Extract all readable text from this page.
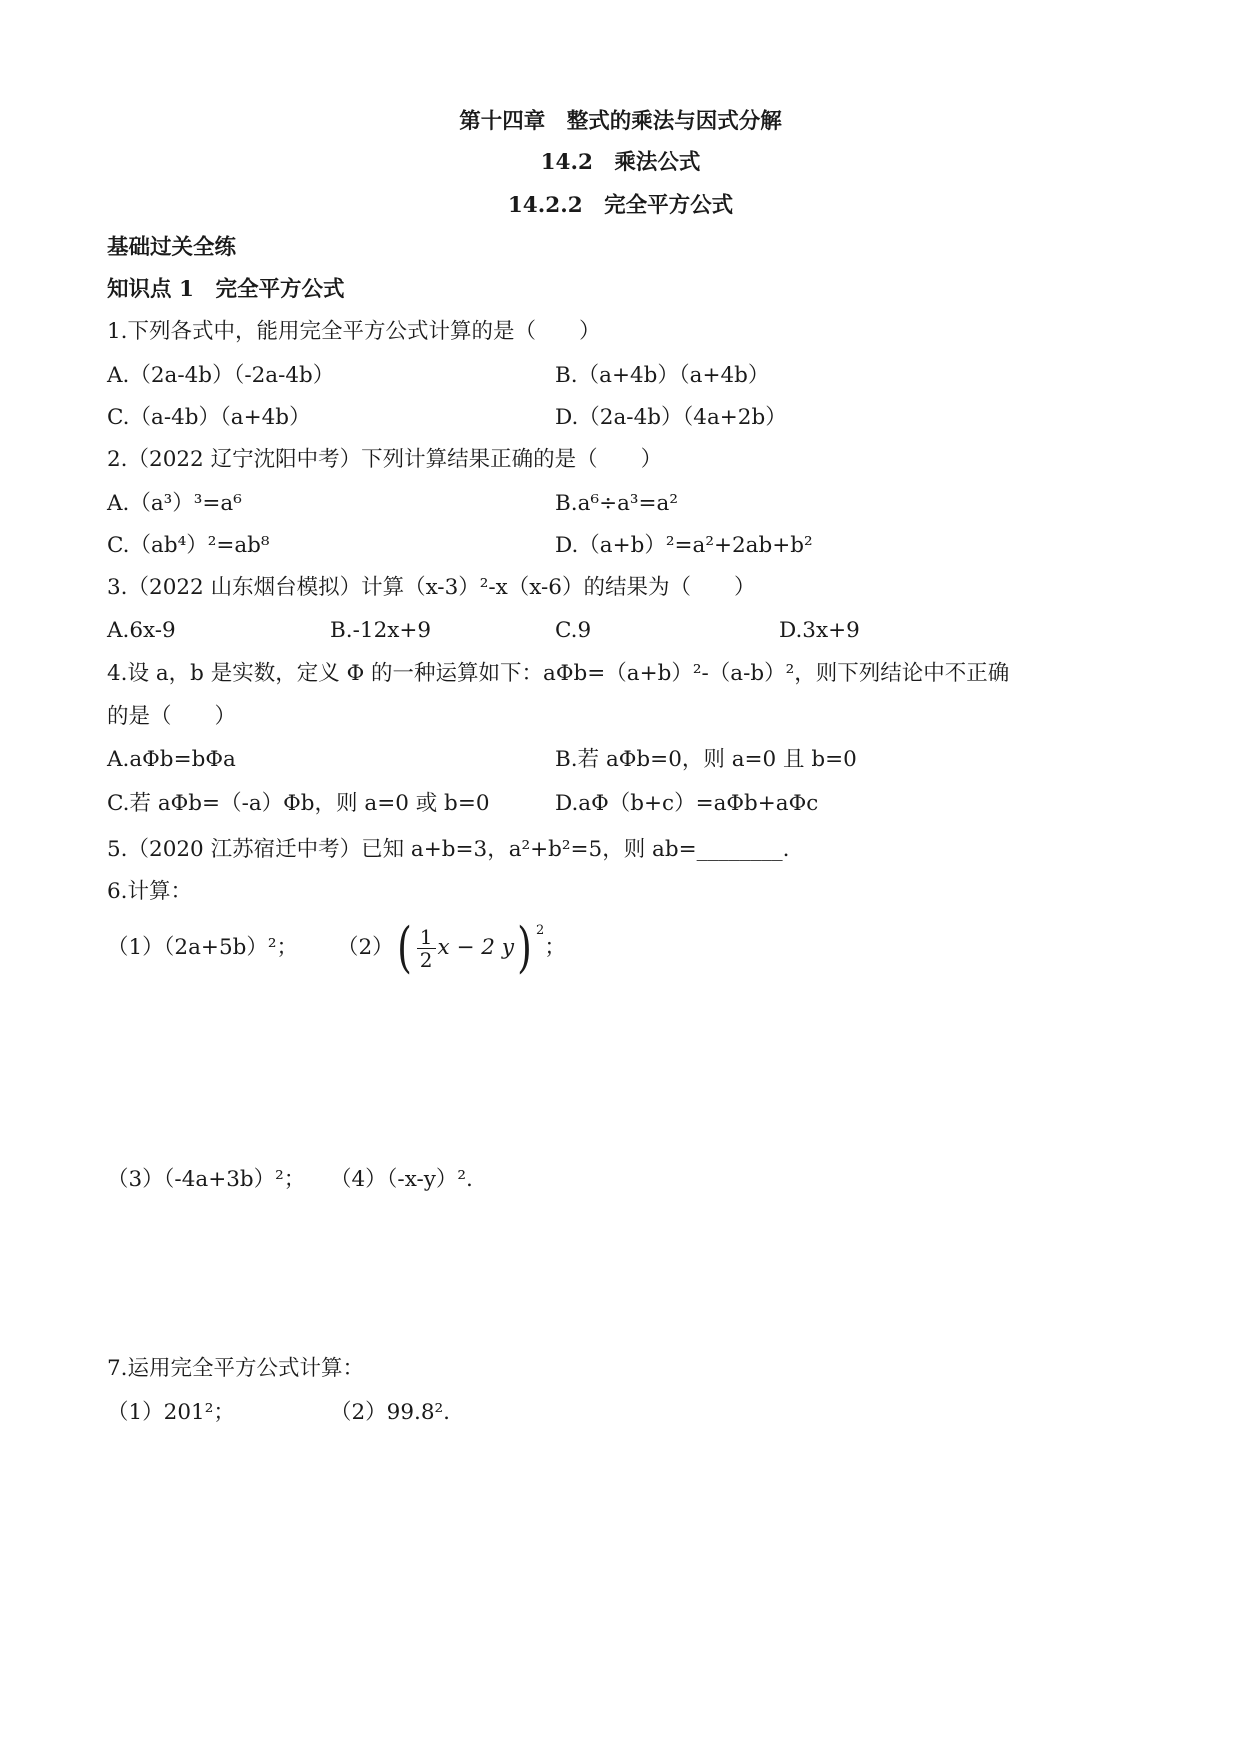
第十四章　整式的乘法与因式分解
14.2　乘法公式
14.2.2　完全平方公式
基础过关全练
知识点 1　完全平方公式
1.下列各式中，能用完全平方公式计算的是（　　）
A.（2a-4b）（-2a-4b）	B.（a+4b）（a+4b）
C.（a-4b）（a+4b）	D.（2a-4b）（4a+2b）
2.（2022 辽宁沈阳中考）下列计算结果正确的是（　　）
A.（a³）³=a⁶	B.a⁶÷a³=a²
C.（ab⁴）²=ab⁸	D.（a+b）²=a²+2ab+b²
3.（2022 山东烟台模拟）计算（x-3）²-x（x-6）的结果为（　　）
A.6x-9	B.-12x+9	C.9	D.3x+9
4.设 a，b 是实数，定义 Φ 的一种运算如下：aΦb=（a+b）²-（a-b）²，则下列结论中不正确
的是（　　）
A.aΦb=bΦa	B.若 aΦb=0，则 a=0 且 b=0
C.若 aΦb=（-a）Φb，则 a=0 或 b=0	D.aΦ（b+c）=aΦb+aΦc
5.（2020 江苏宿迁中考）已知 a+b=3，a²+b²=5，则 ab=________.
6.计算：
（1）（2a+5b）²； $(2)( \frac{1}{2}$ x − 2 y) $^2$；
（3）（-4a+3b）²； （4）（-x-y）².
7.运用完全平方公式计算：
（1）201²；	（2）99.8².
